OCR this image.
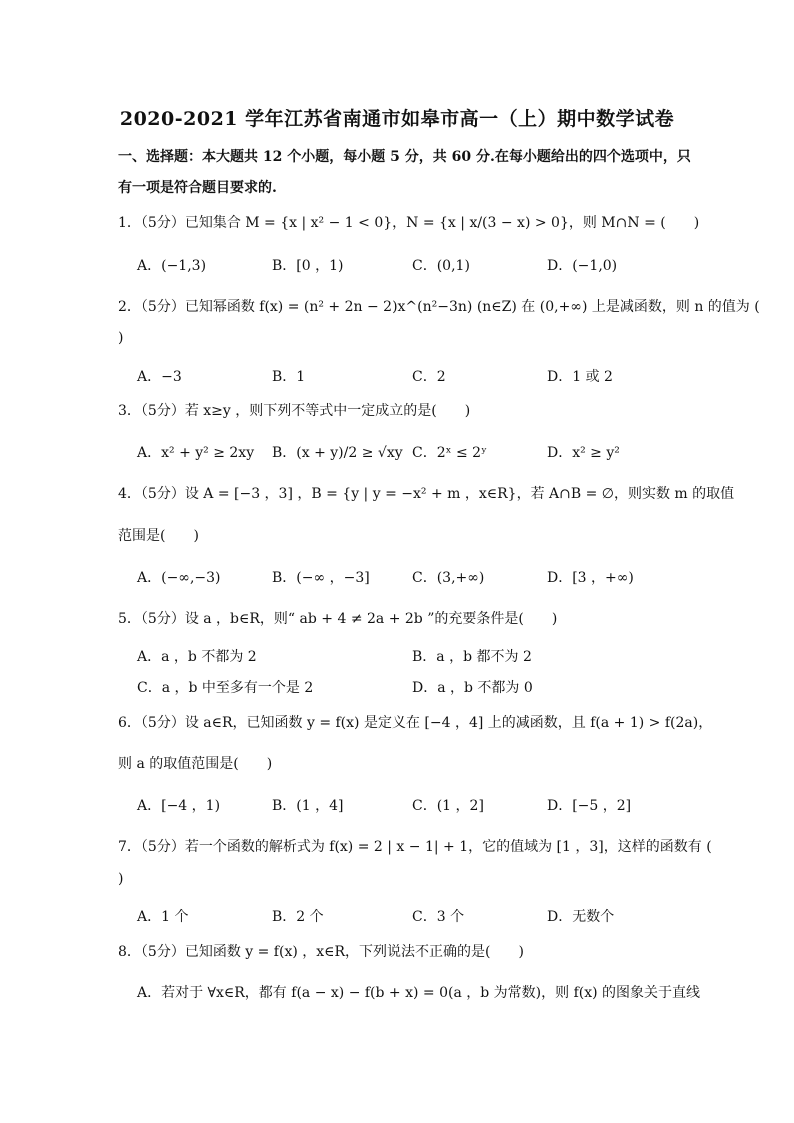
2020-2021 学年江苏省南通市如皋市高一（上）期中数学试卷
一、选择题：本大题共 12 个小题，每小题 5 分，共 60 分.在每小题给出的四个选项中，只
有一项是符合题目要求的.
1．（5分）已知集合 M = {x | x² − 1 < 0}，N = {x | x/(3 − x) > 0}，则 M∩N = (　　)
A．(−1,3)	B．[0 ，1)	C．(0,1)	D．(−1,0)
2．（5分）已知幂函数 f(x) = (n² + 2n − 2)x^(n²−3n) (n∈Z) 在 (0,+∞) 上是减函数，则 n 的值为 (
)
A．−3	B．1	C．2	D．1 或 2
3．（5分）若 x≥y ，则下列不等式中一定成立的是(　　)
A．x² + y² ≥ 2xy B．(x + y)/2 ≥ √xy C．2ˣ ≤ 2ʸ	D．x² ≥ y²
4．（5分）设 A = [−3 ，3] ，B = {y | y = −x² + m ，x∈R}，若 A∩B = ∅，则实数 m 的取值
范围是(　　)
A．(−∞,−3)	B．(−∞ ，−3]	C．(3,+∞)	D．[3 ，+∞)
5．（5分）设 a ，b∈R，则“ ab + 4 ≠ 2a + 2b ”的充要条件是(　　)
A．a ，b 不都为 2	B．a ，b 都不为 2
C．a ，b 中至多有一个是 2	D．a ，b 不都为 0
6．（5分）设 a∈R，已知函数 y = f(x) 是定义在 [−4 ，4] 上的减函数，且 f(a + 1) > f(2a)，
则 a 的取值范围是(　　)
A．[−4 ，1)	B．(1 ，4]	C．(1 ，2]	D．[−5 ，2]
7．（5分）若一个函数的解析式为 f(x) = 2 | x − 1| + 1，它的值域为 [1 ，3]，这样的函数有 (
)
A．1 个	B．2 个	C．3 个	D．无数个
8．（5分）已知函数 y = f(x) ，x∈R，下列说法不正确的是(　　)
A．若对于 ∀x∈R，都有 f(a − x) − f(b + x) = 0(a ，b 为常数)，则 f(x) 的图象关于直线
